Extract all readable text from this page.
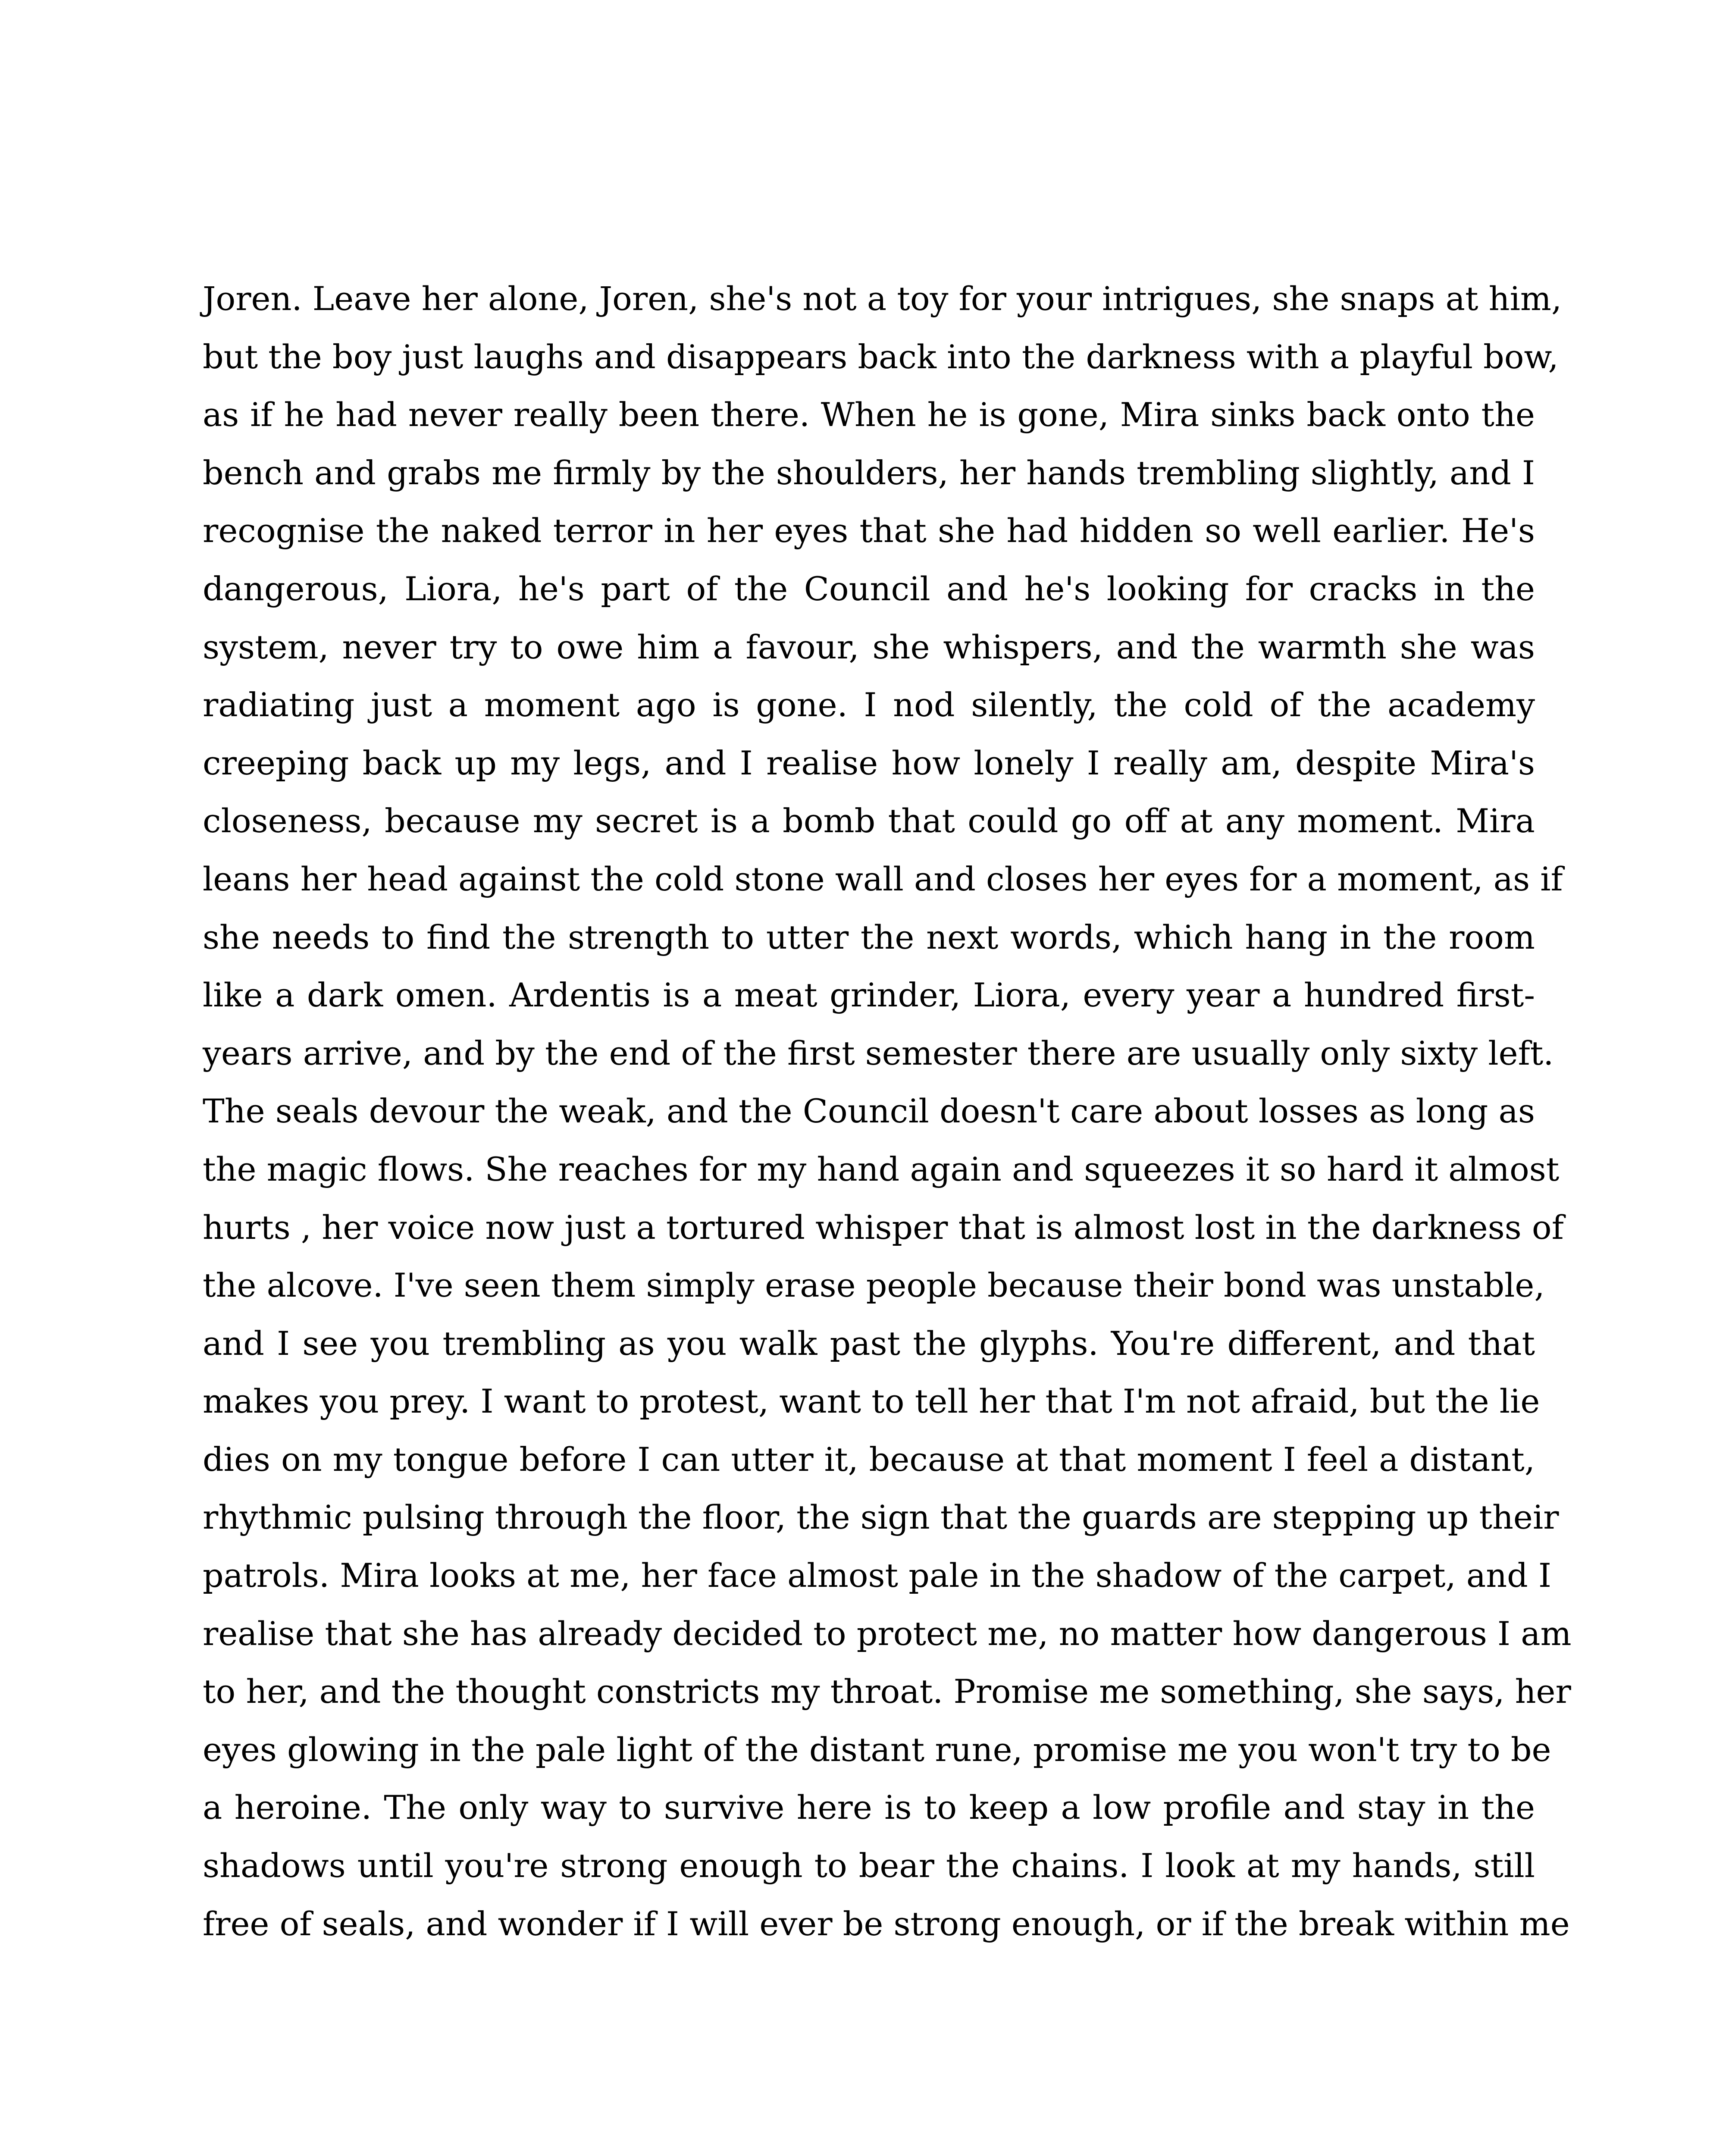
Joren. Leave her alone, Joren, she's not a toy for your intrigues, she snaps at him,
but the boy just laughs and disappears back into the darkness with a playful bow,
as if he had never really been there. When he is gone, Mira sinks back onto the
bench and grabs me firmly by the shoulders, her hands trembling slightly, and I
recognise the naked terror in her eyes that she had hidden so well earlier. He's
dangerous, Liora, he's part of the Council and he's looking for cracks in the
system, never try to owe him a favour, she whispers, and the warmth she was
radiating just a moment ago is gone. I nod silently, the cold of the academy
creeping back up my legs, and I realise how lonely I really am, despite Mira's
closeness, because my secret is a bomb that could go off at any moment. Mira
leans her head against the cold stone wall and closes her eyes for a moment, as if
she needs to find the strength to utter the next words, which hang in the room
like a dark omen. Ardentis is a meat grinder, Liora, every year a hundred first-
years arrive, and by the end of the first semester there are usually only sixty left.
The seals devour the weak, and the Council doesn't care about losses as long as
the magic flows. She reaches for my hand again and squeezes it so hard it almost
hurts , her voice now just a tortured whisper that is almost lost in the darkness of
the alcove. I've seen them simply erase people because their bond was unstable,
and I see you trembling as you walk past the glyphs. You're different, and that
makes you prey. I want to protest, want to tell her that I'm not afraid, but the lie
dies on my tongue before I can utter it, because at that moment I feel a distant,
rhythmic pulsing through the floor, the sign that the guards are stepping up their
patrols. Mira looks at me, her face almost pale in the shadow of the carpet, and I
realise that she has already decided to protect me, no matter how dangerous I am
to her, and the thought constricts my throat. Promise me something, she says, her
eyes glowing in the pale light of the distant rune, promise me you won't try to be
a heroine. The only way to survive here is to keep a low profile and stay in the
shadows until you're strong enough to bear the chains. I look at my hands, still
free of seals, and wonder if I will ever be strong enough, or if the break within me
